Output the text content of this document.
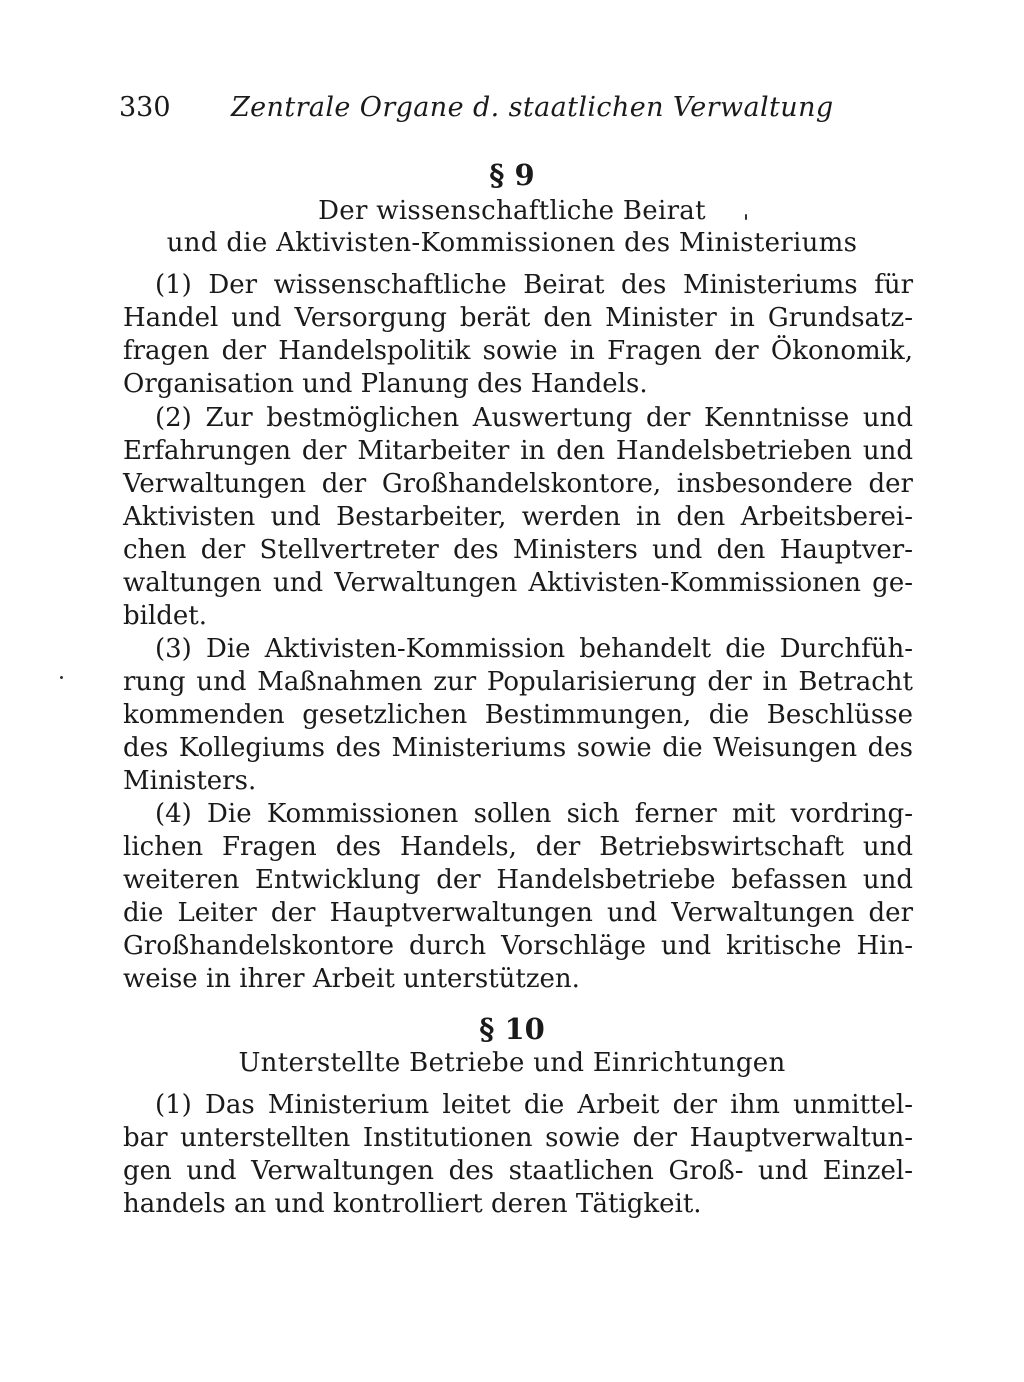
330 Zentrale Organe d. staatlichen Verwaltung
§ 9
Der wissenschaftliche Beirat
und die Aktivisten-Kommissionen des Ministeriums
(1) Der wissenschaftliche Beirat des Ministeriums für
Handel und Versorgung berät den Minister in Grundsatz-
fragen der Handelspolitik sowie in Fragen der Ökonomik,
Organisation und Planung des Handels.
(2) Zur bestmöglichen Auswertung der Kenntnisse und
Erfahrungen der Mitarbeiter in den Handelsbetrieben und
Verwaltungen der Großhandelskontore, insbesondere der
Aktivisten und Bestarbeiter, werden in den Arbeitsberei-
chen der Stellvertreter des Ministers und den Hauptver-
waltungen und Verwaltungen Aktivisten-Kommissionen ge-
bildet.
(3) Die Aktivisten-Kommission behandelt die Durchfüh-
rung und Maßnahmen zur Popularisierung der in Betracht
kommenden gesetzlichen Bestimmungen, die Beschlüsse
des Kollegiums des Ministeriums sowie die Weisungen des
Ministers.
(4) Die Kommissionen sollen sich ferner mit vordring-
lichen Fragen des Handels, der Betriebswirtschaft und
weiteren Entwicklung der Handelsbetriebe befassen und
die Leiter der Hauptverwaltungen und Verwaltungen der
Großhandelskontore durch Vorschläge und kritische Hin-
weise in ihrer Arbeit unterstützen.
§ 10
Unterstellte Betriebe und Einrichtungen
(1) Das Ministerium leitet die Arbeit der ihm unmittel-
bar unterstellten Institutionen sowie der Hauptverwaltun-
gen und Verwaltungen des staatlichen Groß- und Einzel-
handels an und kontrolliert deren Tätigkeit.
